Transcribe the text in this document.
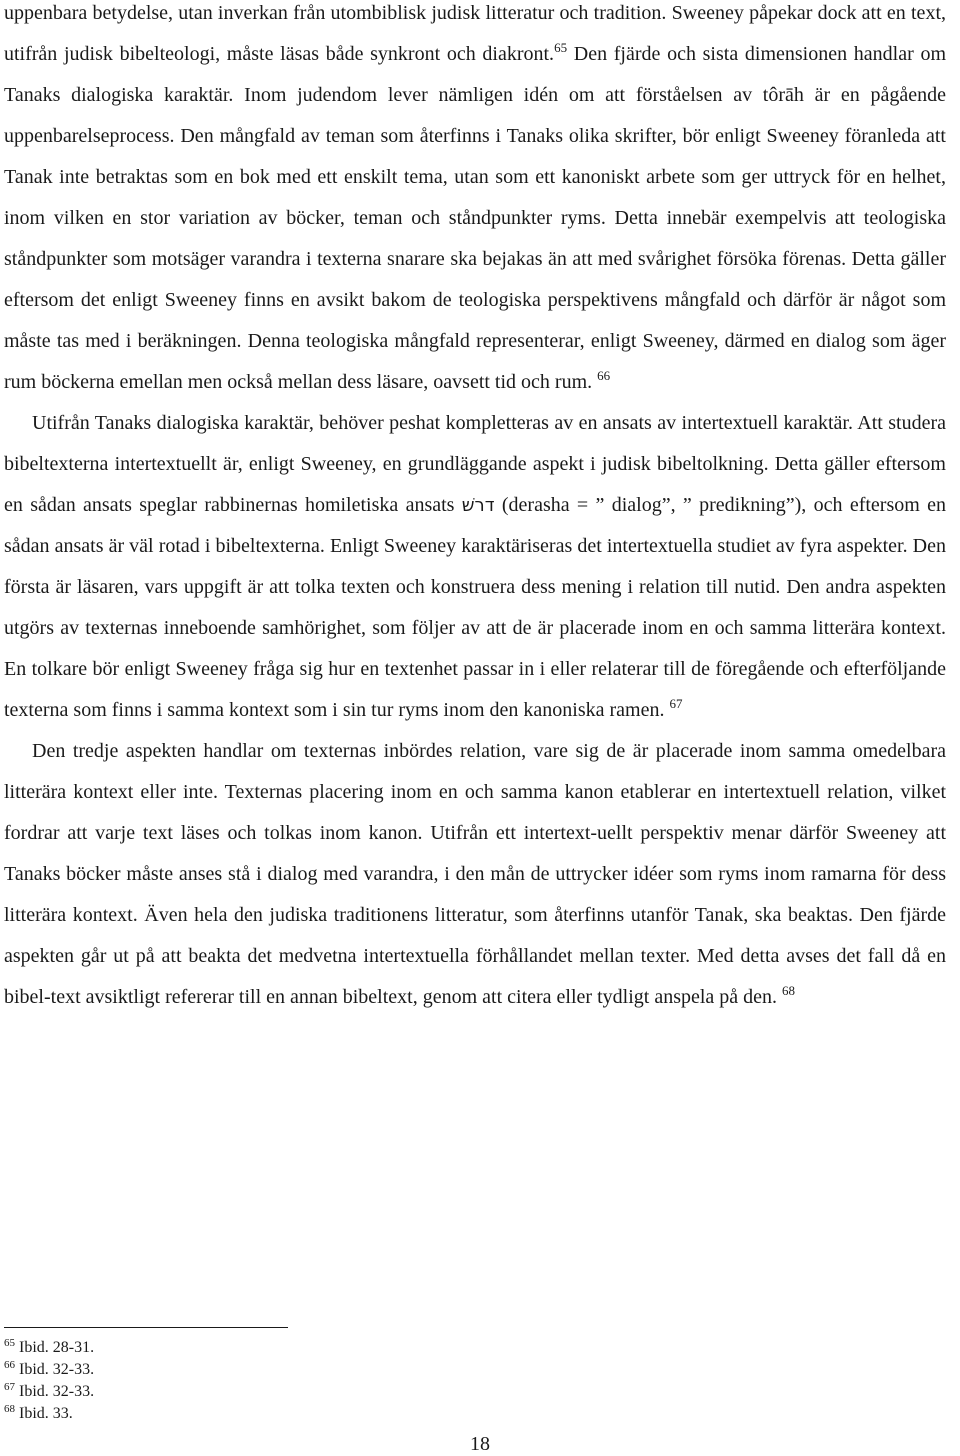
uppenbara betydelse, utan inverkan från utombiblisk judisk litteratur och tradition. Sweeney påpekar dock att en text, utifrån judisk bibelteologi, måste läsas både synkront och diakront.$^{65}$ Den fjärde och sista dimensionen handlar om Tanaks dialogiska karaktär. Inom judendom lever nämligen idén om att förståelsen av tôrāh är en pågående uppenbarelseprocess. Den mångfald av teman som återfinns i Tanaks olika skrifter, bör enligt Sweeney föranleda att Tanak inte betraktas som en bok med ett enskilt tema, utan som ett kanoniskt arbete som ger uttryck för en helhet, inom vilken en stor variation av böcker, teman och ståndpunkter ryms. Detta innebär exempelvis att teologiska ståndpunkter som motsäger varandra i texterna snarare ska bejakas än att med svårighet försöka förenas. Detta gäller eftersom det enligt Sweeney finns en avsikt bakom de teologiska perspektivens mångfald och därför är något som måste tas med i beräkningen. Denna teologiska mångfald representerar, enligt Sweeney, därmed en dialog som äger rum böckerna emellan men också mellan dess läsare, oavsett tid och rum. $^{66}$

Utifrån Tanaks dialogiska karaktär, behöver peshat kompletteras av en ansats av intertextuell karaktär. Att studera bibeltexterna intertextuellt är, enligt Sweeney, en grundläggande aspekt i judisk bibeltolkning. Detta gäller eftersom en sådan ansats speglar rabbinernas homiletiska ansats דרשׁ (derasha = ” dialog”, ” predikning”), och eftersom en sådan ansats är väl rotad i bibeltexterna. Enligt Sweeney karaktäriseras det intertextuella studiet av fyra aspekter. Den första är läsaren, vars uppgift är att tolka texten och konstruera dess mening i relation till nutid. Den andra aspekten utgörs av texternas inneboende samhörighet, som följer av att de är placerade inom en och samma litterära kontext. En tolkare bör enligt Sweeney fråga sig hur en textenhet passar in i eller relaterar till de föregående och efterföljande texterna som finns i samma kontext som i sin tur ryms inom den kanoniska ramen. $^{67}$

Den tredje aspekten handlar om texternas inbördes relation, vare sig de är placerade inom samma omedelbara litterära kontext eller inte. Texternas placering inom en och samma kanon etablerar en intertextuell relation, vilket fordrar att varje text läses och tolkas inom kanon. Utifrån ett intertext-uellt perspektiv menar därför Sweeney att Tanaks böcker måste anses stå i dialog med varandra, i den mån de uttrycker idéer som ryms inom ramarna för dess litterära kontext. Även hela den judiska traditionens litteratur, som återfinns utanför Tanak, ska beaktas. Den fjärde aspekten går ut på att beakta det medvetna intertextuella förhållandet mellan texter. Med detta avses det fall då en bibel-text avsiktligt refererar till en annan bibeltext, genom att citera eller tydligt anspela på den. $^{68}$

$^{65}$ Ibid. 28-31.
$^{66}$ Ibid. 32-33.
$^{67}$ Ibid. 32-33.
$^{68}$ Ibid. 33.
18
